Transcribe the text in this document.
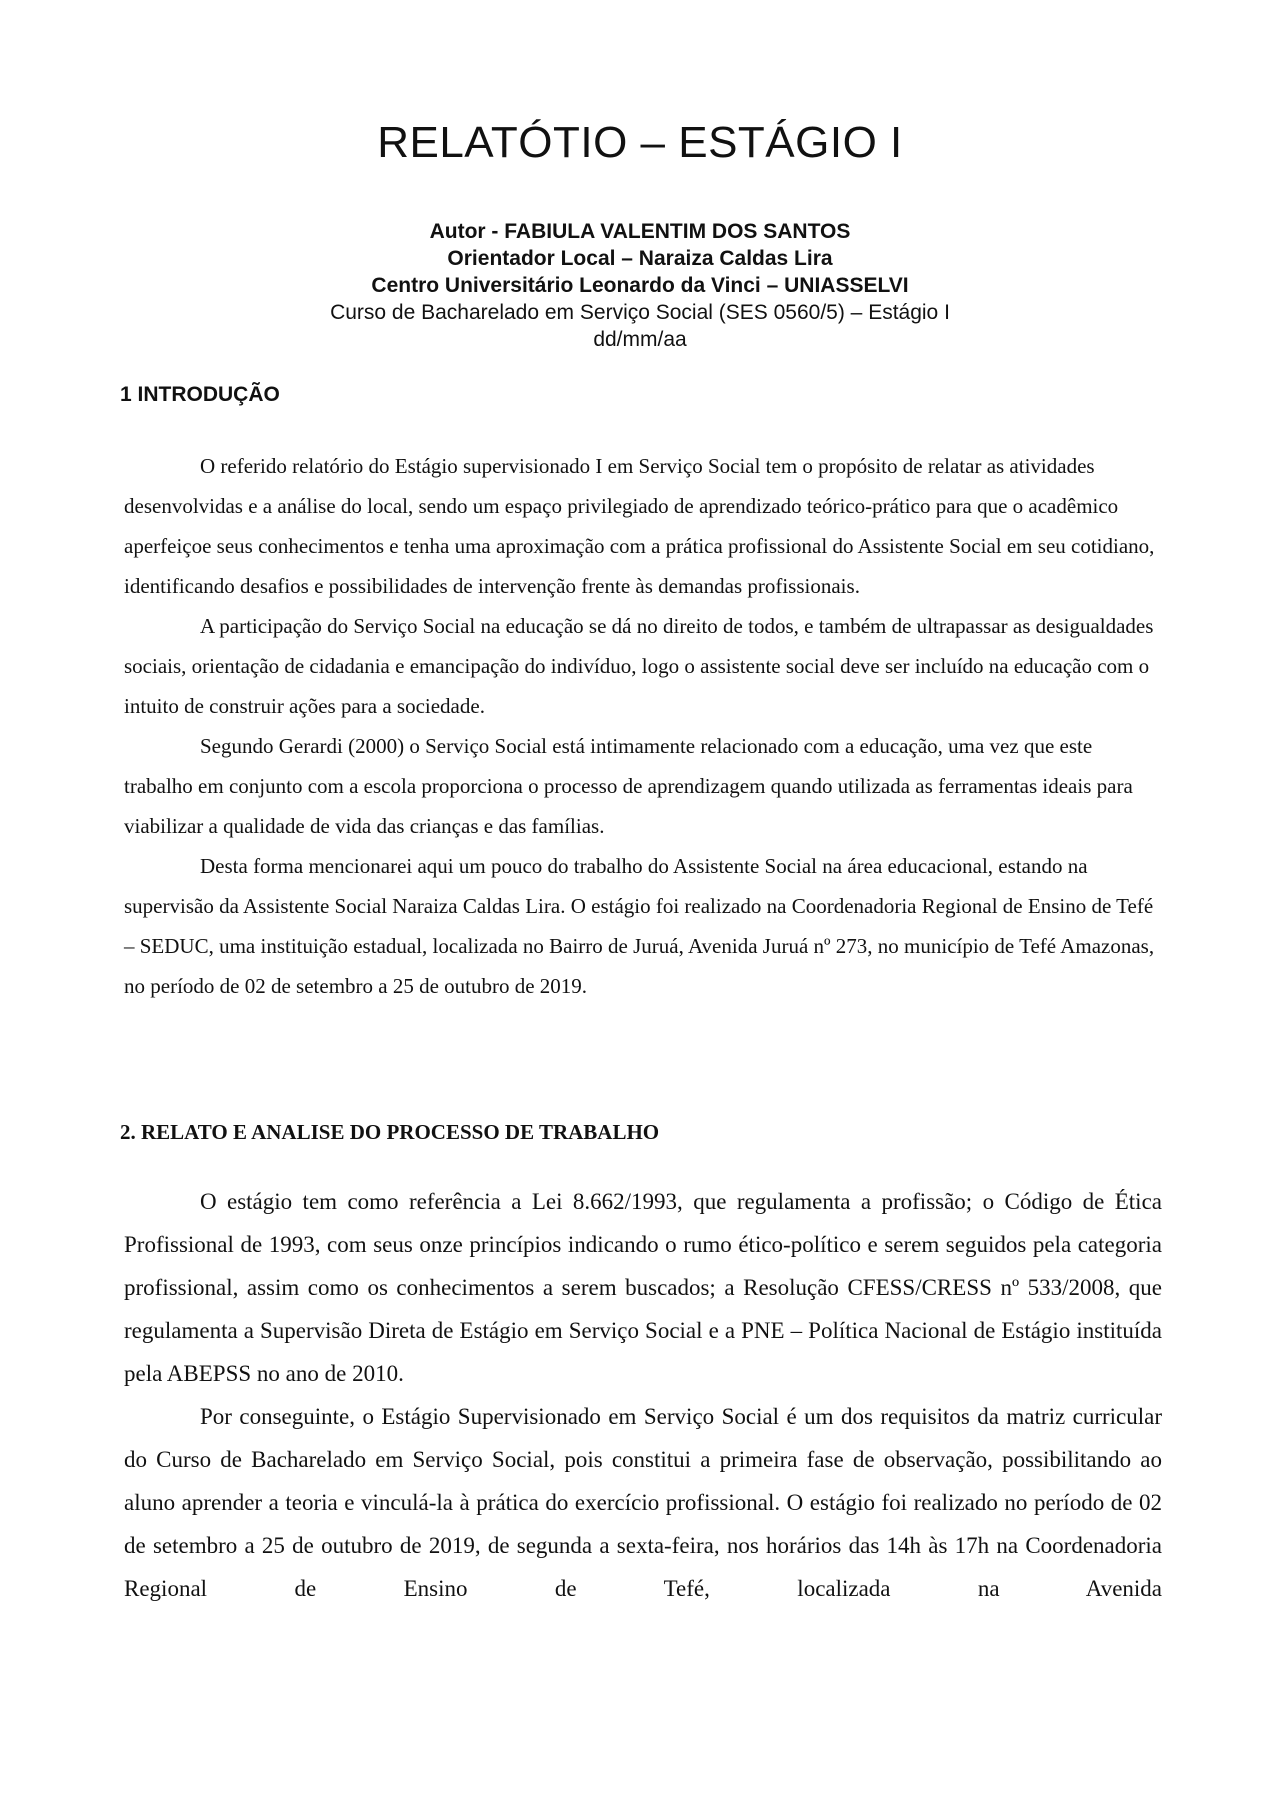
RELATÓTIO – ESTÁGIO I
Autor - FABIULA VALENTIM DOS SANTOS
Orientador Local – Naraiza Caldas Lira
Centro Universitário Leonardo da Vinci – UNIASSELVI
Curso de Bacharelado em Serviço Social (SES 0560/5) – Estágio I
dd/mm/aa
1 INTRODUÇÃO

O referido relatório do Estágio supervisionado I em Serviço Social tem o propósito de relatar as atividades desenvolvidas e a análise do local, sendo um espaço privilegiado de aprendizado teórico-prático para que o acadêmico aperfeiçoe seus conhecimentos e tenha uma aproximação com a prática profissional do Assistente Social em seu cotidiano, identificando desafios e possibilidades de intervenção frente às demandas profissionais.

A participação do Serviço Social na educação se dá no direito de todos, e também de ultrapassar as desigualdades sociais, orientação de cidadania e emancipação do indivíduo, logo o assistente social deve ser incluído na educação com o intuito de construir ações para a sociedade.

Segundo Gerardi (2000) o Serviço Social está intimamente relacionado com a educação, uma vez que este trabalho em conjunto com a escola proporciona o processo de aprendizagem quando utilizada as ferramentas ideais para viabilizar a qualidade de vida das crianças e das famílias.

Desta forma mencionarei aqui um pouco do trabalho do Assistente Social na área educacional, estando na supervisão da Assistente Social Naraiza Caldas Lira. O estágio foi realizado na Coordenadoria Regional de Ensino de Tefé – SEDUC, uma instituição estadual, localizada no Bairro de Juruá, Avenida Juruá nº 273, no município de Tefé Amazonas, no período de 02 de setembro a 25 de outubro de 2019.

2. RELATO E ANALISE DO PROCESSO DE TRABALHO

O estágio tem como referência a Lei 8.662/1993, que regulamenta a profissão; o Código de Ética Profissional de 1993, com seus onze princípios indicando o rumo ético-político e serem seguidos pela categoria profissional, assim como os conhecimentos a serem buscados; a Resolução CFESS/CRESS nº 533/2008, que regulamenta a Supervisão Direta de Estágio em Serviço Social e a PNE – Política Nacional de Estágio instituída pela ABEPSS no ano de 2010.

Por conseguinte, o Estágio Supervisionado em Serviço Social é um dos requisitos da matriz curricular do Curso de Bacharelado em Serviço Social, pois constitui a primeira fase de observação, possibilitando ao aluno aprender a teoria e vinculá-la à prática do exercício profissional. O estágio foi realizado no período de 02 de setembro a 25 de outubro de 2019, de segunda a sexta-feira, nos horários das 14h às 17h na Coordenadoria Regional de Ensino de Tefé, localizada na Avenida
